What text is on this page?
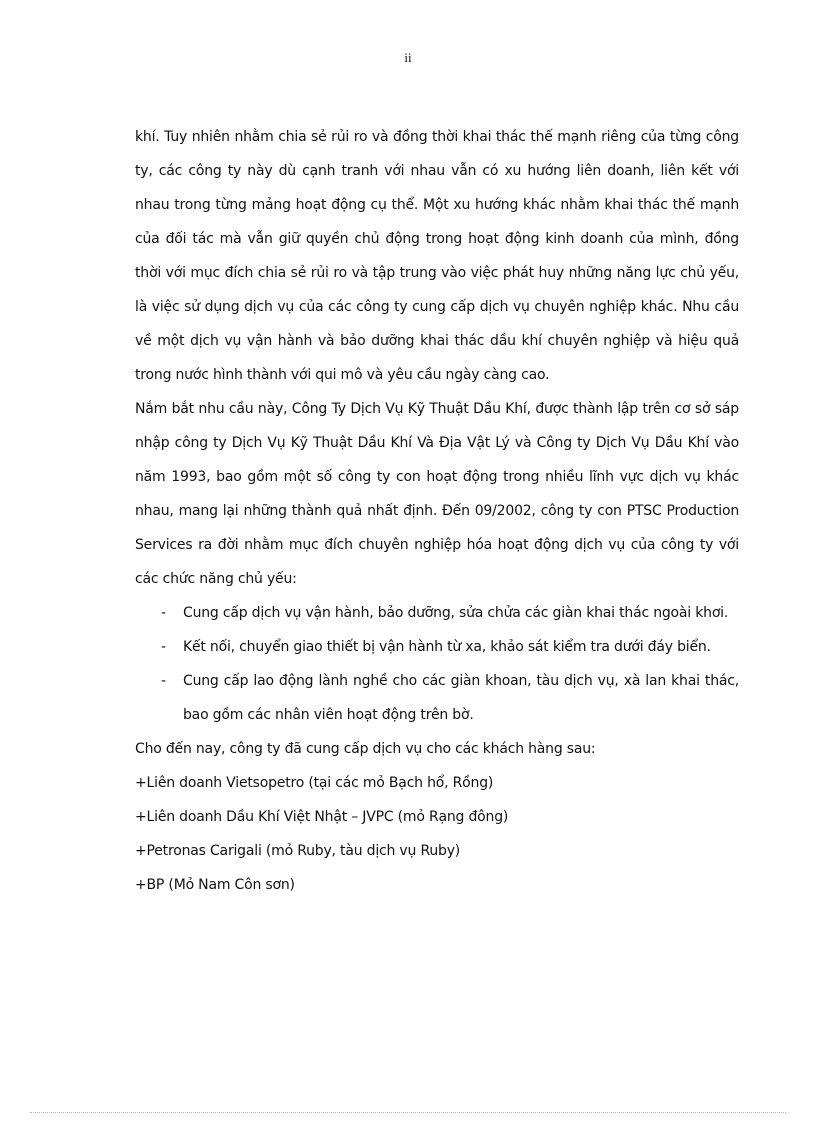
ii

khí. Tuy nhiên nhằm chia sẻ rủi ro và đồng thời khai thác thế mạnh riêng của từng công ty, các công ty này dù cạnh tranh với nhau vẫn có xu hướng liên doanh, liên kết với nhau trong từng mảng hoạt động cụ thể. Một xu hướng khác nhằm khai thác thế mạnh của đối tác mà vẫn giữ quyền chủ động trong hoạt động kinh doanh của mình, đồng thời với mục đích chia sẻ rủi ro và tập trung vào việc phát huy những năng lực chủ yếu, là việc sử dụng dịch vụ của các công ty cung cấp dịch vụ chuyên nghiệp khác. Nhu cầu về một dịch vụ vận hành và bảo dưỡng khai thác dầu khí chuyên nghiệp và hiệu quả trong nước hình thành với qui mô và yêu cầu ngày càng cao.

Nắm bắt nhu cầu này, Công Ty Dịch Vụ Kỹ Thuật Dầu Khí, được thành lập trên cơ sở sáp nhập công ty Dịch Vụ Kỹ Thuật Dầu Khí Và Địa Vật Lý và Công ty Dịch Vụ Dầu Khí vào năm 1993, bao gồm một số công ty con hoạt động trong nhiều lĩnh vực dịch vụ khác nhau, mang lại những thành quả nhất định. Đến 09/2002, công ty con PTSC Production Services ra đời nhằm mục đích chuyên nghiệp hóa hoạt động dịch vụ của công ty với các chức năng chủ yếu:

- Cung cấp dịch vụ vận hành, bảo dưỡng, sửa chửa các giàn khai thác ngoài khơi.
- Kết nối, chuyển giao thiết bị vận hành từ xa, khảo sát kiểm tra dưới đáy biển.
- Cung cấp lao động lành nghề cho các giàn khoan, tàu dịch vụ, xà lan khai thác, bao gồm các nhân viên hoạt động trên bờ.

Cho đến nay, công ty đã cung cấp dịch vụ cho các khách hàng sau:

+Liên doanh Vietsopetro (tại các mỏ Bạch hổ, Rồng)

+Liên doanh Dầu Khí Việt Nhật – JVPC (mỏ Rạng đông)

+Petronas Carigali (mỏ Ruby, tàu dịch vụ Ruby)

+BP (Mỏ Nam Côn sơn)
